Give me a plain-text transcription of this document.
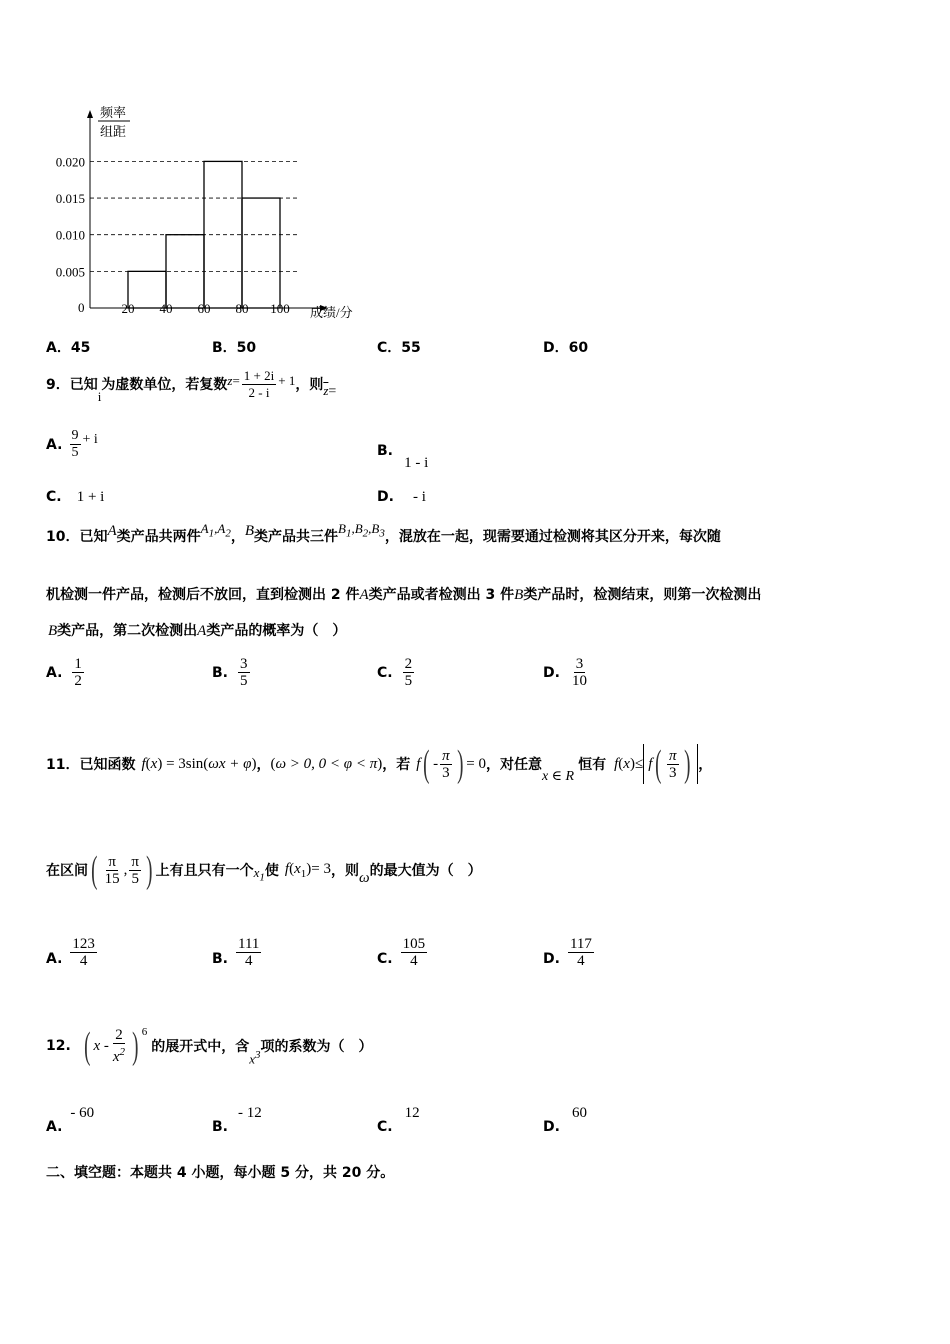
频率
组距
成绩/分
0
0.005
0.010
0.015
0.020
20 40 60 80 100
A．45	B．50	C．55	D．60
9．已知$_i$为虚数单位，若复数$^{z=} \frac{1 + 2i}{2 - i} ^{+ 1}$，则$_{\overline{z}}$=
A. $\frac{9}{5} + i$
B. 1 - i
C. 1 + i	D. - i
10．已知A类产品共两件$^{A_1,A_2}$，B类产品共三件$^{B_1,B_2,B_3}$，混放在一起，现需要通过检测将其区分开来，每次随
机检测一件产品，检测后不放回，直到检测出 2 件A类产品或者检测出 3 件B类产品时，检测结束，则第一次检测出
B类产品，第二次检测出A类产品的概率为（　）
A. $\frac{1}{2}$	B. $\frac{3}{5}$	C. $\frac{2}{5}$	D. $\frac{3}{10}$
11． 已知函数 f(x) = 3sin(ωx + φ) ， (ω > 0, 0 < φ < π) ，若 f ( - $\frac{\pi}{3}$ ) = 0 ，对任意
x ∈ R
恒有 f ( x ) ≤ f ( $\frac{\pi}{3}$ ) ，
在区间 ( $\frac{\pi}{15}$ , $\frac{\pi}{5}$ ) 上有且只有一个 $x_1$ 使 $f(x_1)= 3$ ，则 ω 的最大值为（　）
A. $\frac{123}{4}$	B. $\frac{111}{4}$	C. $\frac{105}{4}$	D. $\frac{117}{4}$
12. ( x - $\frac{2}{x^2}$ ) $^6$
的展开式中，含
$x^3$ 项的系数为（　）
A.- 60
B.- 12
C.12
D.60
二、填空题：本题共 4 小题，每小题 5 分，共 20 分。
